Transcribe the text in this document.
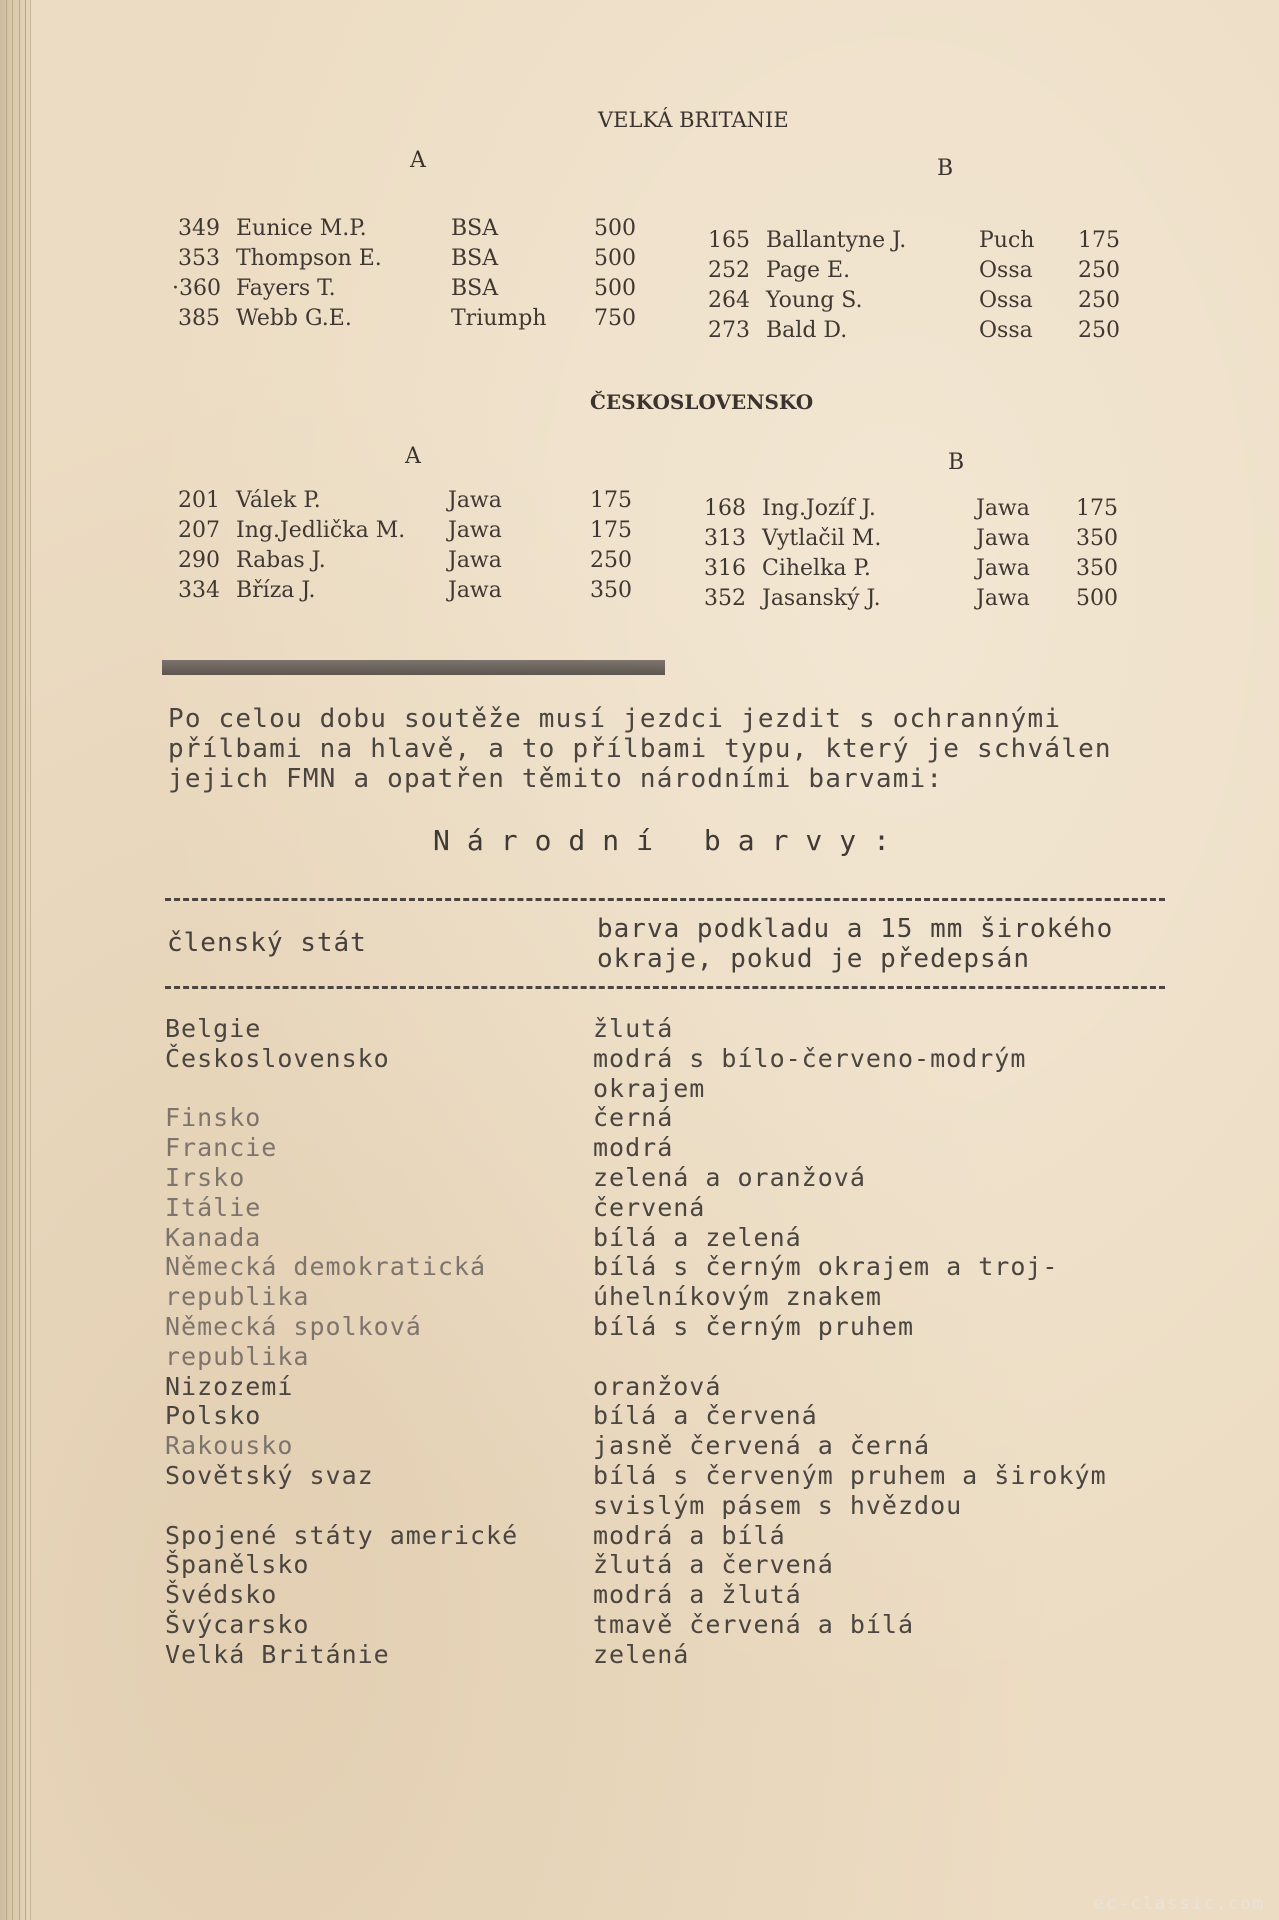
VELKÁ BRITANIE
A	B
349 Eunice M.P.	BSA	500
353 Thompson E.	BSA	500
·360 Fayers T.	BSA	500
385 Webb G.E.	Triumph 750
165 Ballantyne J.	Puch 175
252 Page E.	Ossa 250
264 Young S.	Ossa 250
273 Bald D.	Ossa 250
ČESKOSLOVENSKO
A	B
201 Válek P.	Jawa	175
207 Ing.Jedlička M. Jawa	175
290 Rabas J.	Jawa	250
334 Bříza J.	Jawa	350
168 Ing.Jozíf J.	Jawa 175
313 Vytlačil M.	Jawa 350
316 Cihelka P.	Jawa 350
352 Jasanský J.	Jawa 500
Po celou dobu soutěže musí jezdci jezdit s ochrannými
přílbami na hlavě, a to přílbami typu, který je schválen
jejich FMN a opatřen těmito národními barvami:
Národní barvy:
členský stát	barva podkladu a 15 mm širokého
okraje, pokud je předepsán
Belgie	žlutá
Československo	modrá s bílo-červeno-modrým
okrajem
Finsko	černá
Francie	modrá
Irsko	zelená a oranžová
Itálie	červená
Kanada	bílá a zelená
Německá demokratická	bílá s černým okrajem a troj-
republika	úhelníkovým znakem
Německá spolková	bílá s černým pruhem
republika
Nizozemí	oranžová
Polsko	bílá a červená
Rakousko	jasně červená a černá
Sovětský svaz	bílá s červeným pruhem a širokým
svislým pásem s hvězdou
Spojené státy americké	modrá a bílá
Španělsko	žlutá a červená
Švédsko	modrá a žlutá
Švýcarsko	tmavě červená a bílá
Velká Británie	zelená
ec-classic.com
